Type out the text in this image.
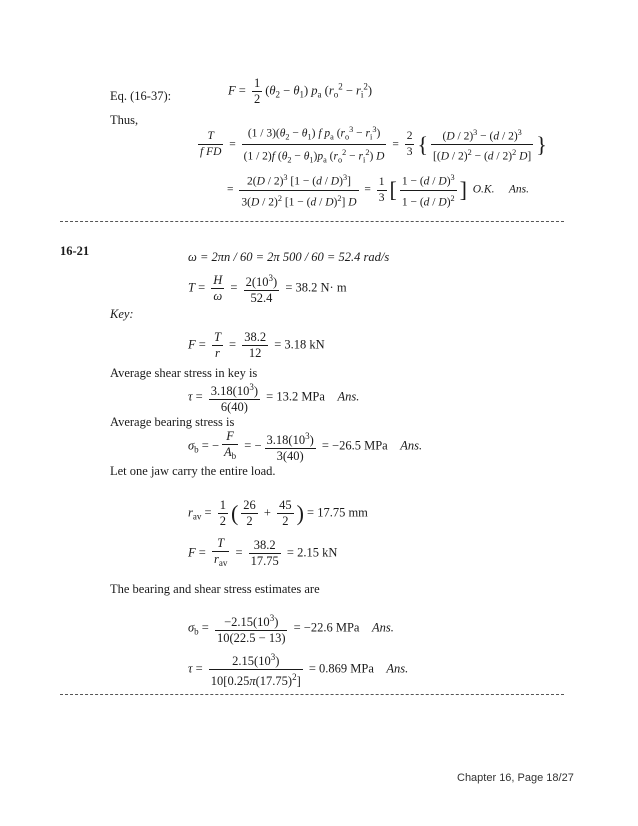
Eq. (16-37):	$F = \frac{1}{2} (\theta_2 - \theta_1)$ $p_a$ $(r_o^2 - r_i^2)$
Thus,
$\frac{T}{\text{f FD}} = \frac{(1 / 3)(\theta_2 - \theta_1) f p_a (r_o^3 - r_i^3)}{(1 / 2)f (\theta_2 - \theta_1)p_a (r_o^2 - r_i^2) D} = \frac{2}{3}$ { $\frac{(D / 2)^3 - (d / 2)^3}{[(D / 2)^2 - (d / 2)^2 D]}$ }
= $\frac{2(D / 2)^3 [1 - (d / D)^3]}{3(D / 2)^2 [1 - (d / D)^2] D} = \frac{1}{3}$ [ $\frac{1 - (d / D)^3}{1 - (d / D)^2}$ ] O.K. Ans.
16-21	ω = 2πn / 60 = 2π 500 / 60 = 52.4 rad/s
$T = \frac{H}{\omega} = \frac{2(10^3)}{52.4} = 38.2$ N· m
Key:
$F = \frac{T}{r} = \frac{38.2}{12} = 3.18$ kN
Average shear stress in key is
$\tau = \frac{3.18(10^3)}{6(40)} = 13.2$ MPa Ans.
Average bearing stress is
$\sigma_b$ = − $\frac{F}{A_b}$ = − $\frac{3.18(10^3)}{3(40)} = -26.5$ MPa Ans.
Let one jaw carry the entire load.
$r_{av} = \frac{1}{2}$ ( $\frac{26}{2} + \frac{45}{2}$ ) = 17.75 mm
$F = \frac{T}{r_{av}} = \frac{38.2}{17.75} = 2.15$ kN
The bearing and shear stress estimates are
$\sigma_b = \frac{-2.15(10^3)}{10(22.5 - 13)} = -22.6$ MPa Ans.
$\tau = \frac{2.15(10^3)}{10[0.25\pi(17.75)^2]} = 0.869$ MPa Ans.
Chapter 16, Page 18/27
